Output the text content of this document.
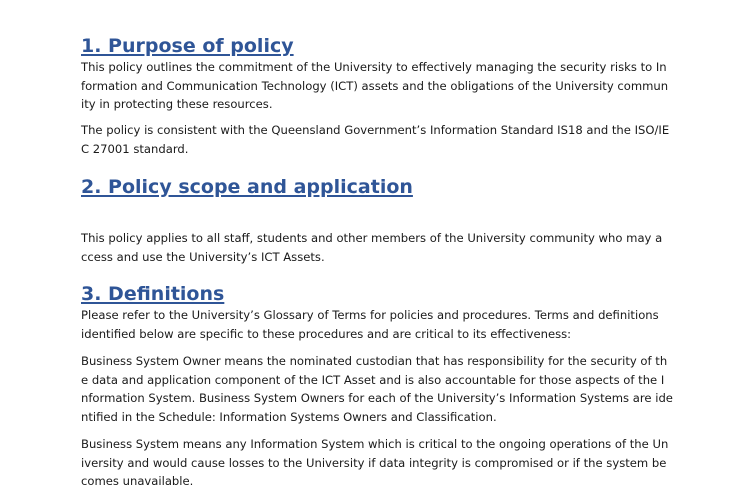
1. Purpose of policy

This policy outlines the commitment of the University to effectively managing the security risks to In
formation and Communication Technology (ICT) assets and the obligations of the University commun
ity in protecting these resources.

The policy is consistent with the Queensland Government’s Information Standard IS18 and the ISO/IE
C 27001 standard.

2. Policy scope and application

This policy applies to all staff, students and other members of the University community who may a
ccess and use the University’s ICT Assets.

3. Definitions

Please refer to the University’s Glossary of Terms for policies and procedures. Terms and definitions
identified below are specific to these procedures and are critical to its effectiveness:

Business System Owner means the nominated custodian that has responsibility for the security of th
e data and application component of the ICT Asset and is also accountable for those aspects of the I
nformation System. Business System Owners for each of the University’s Information Systems are ide
ntified in the Schedule: Information Systems Owners and Classification.

Business System means any Information System which is critical to the ongoing operations of the Un
iversity and would cause losses to the University if data integrity is compromised or if the system be
comes unavailable.
